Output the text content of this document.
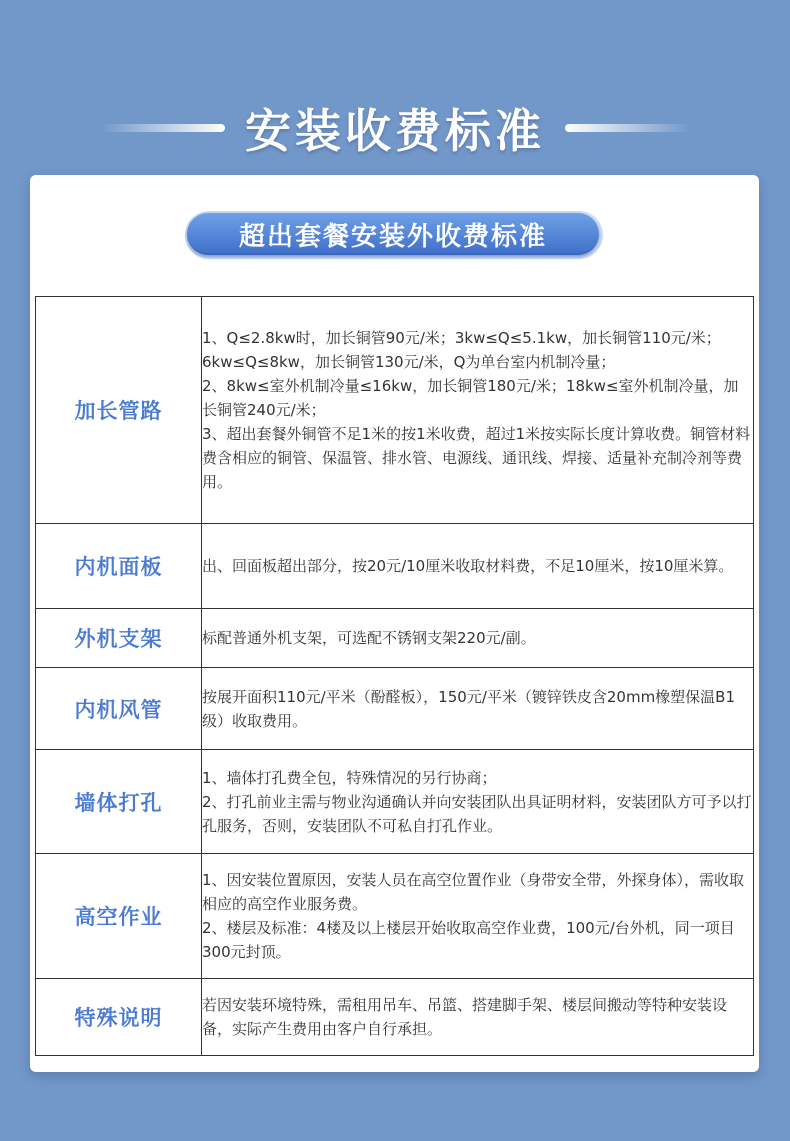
安装收费标准
超出套餐安装外收费标准
加长管路	1、Q≤2.8kw时，加长铜管90元/米；3kw≤Q≤5.1kw，加长铜管110元/米；6kw≤Q≤8kw，加长铜管130元/米，Q为单台室内机制冷量；
2、8kw≤室外机制冷量≤16kw，加长铜管180元/米；18kw≤室外机制冷量，加长铜管240元/米；
3、超出套餐外铜管不足1米的按1米收费，超过1米按实际长度计算收费。铜管材料费含相应的铜管、保温管、排水管、电源线、通讯线、焊接、适量补充制冷剂等费用。

内机面板	出、回面板超出部分，按20元/10厘米收取材料费，不足10厘米，按10厘米算。

外机支架	标配普通外机支架，可选配不锈钢支架220元/副。

内机风管	按展开面积110元/平米（酚醛板），150元/平米（镀锌铁皮含20mm橡塑保温B1级）收取费用。

墙体打孔	1、墙体打孔费全包，特殊情况的另行协商；
2、打孔前业主需与物业沟通确认并向安装团队出具证明材料，安装团队方可予以打孔服务，否则，安装团队不可私自打孔作业。

高空作业	1、因安装位置原因，安装人员在高空位置作业（身带安全带，外探身体），需收取相应的高空作业服务费。
2、楼层及标准：4楼及以上楼层开始收取高空作业费，100元/台外机，同一项目300元封顶。

特殊说明	若因安装环境特殊，需租用吊车、吊篮、搭建脚手架、楼层间搬动等特种安装设备，实际产生费用由客户自行承担。
